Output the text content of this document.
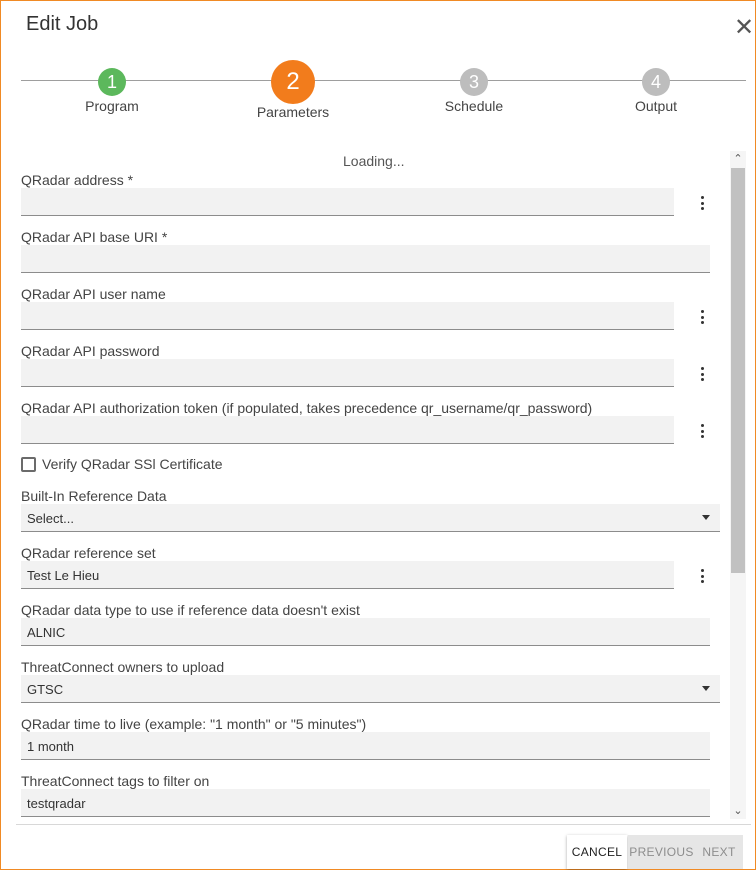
Edit Job	✕
1
Program
2
Parameters
3
Schedule
4
Output
Loading...
QRadar address *
QRadar API base URI *
QRadar API user name
QRadar API password
QRadar API authorization token (if populated, takes precedence qr_username/qr_password)
Verify QRadar SSl Certificate
Built-In Reference Data
Select...
QRadar reference set
Test Le Hieu
QRadar data type to use if reference data doesn't exist
ALNIC
ThreatConnect owners to upload
GTSC
QRadar time to live (example: "1 month" or "5 minutes")
1 month
ThreatConnect tags to filter on
testqradar
⌃
⌄
CANCEL PREVIOUS NEXT
